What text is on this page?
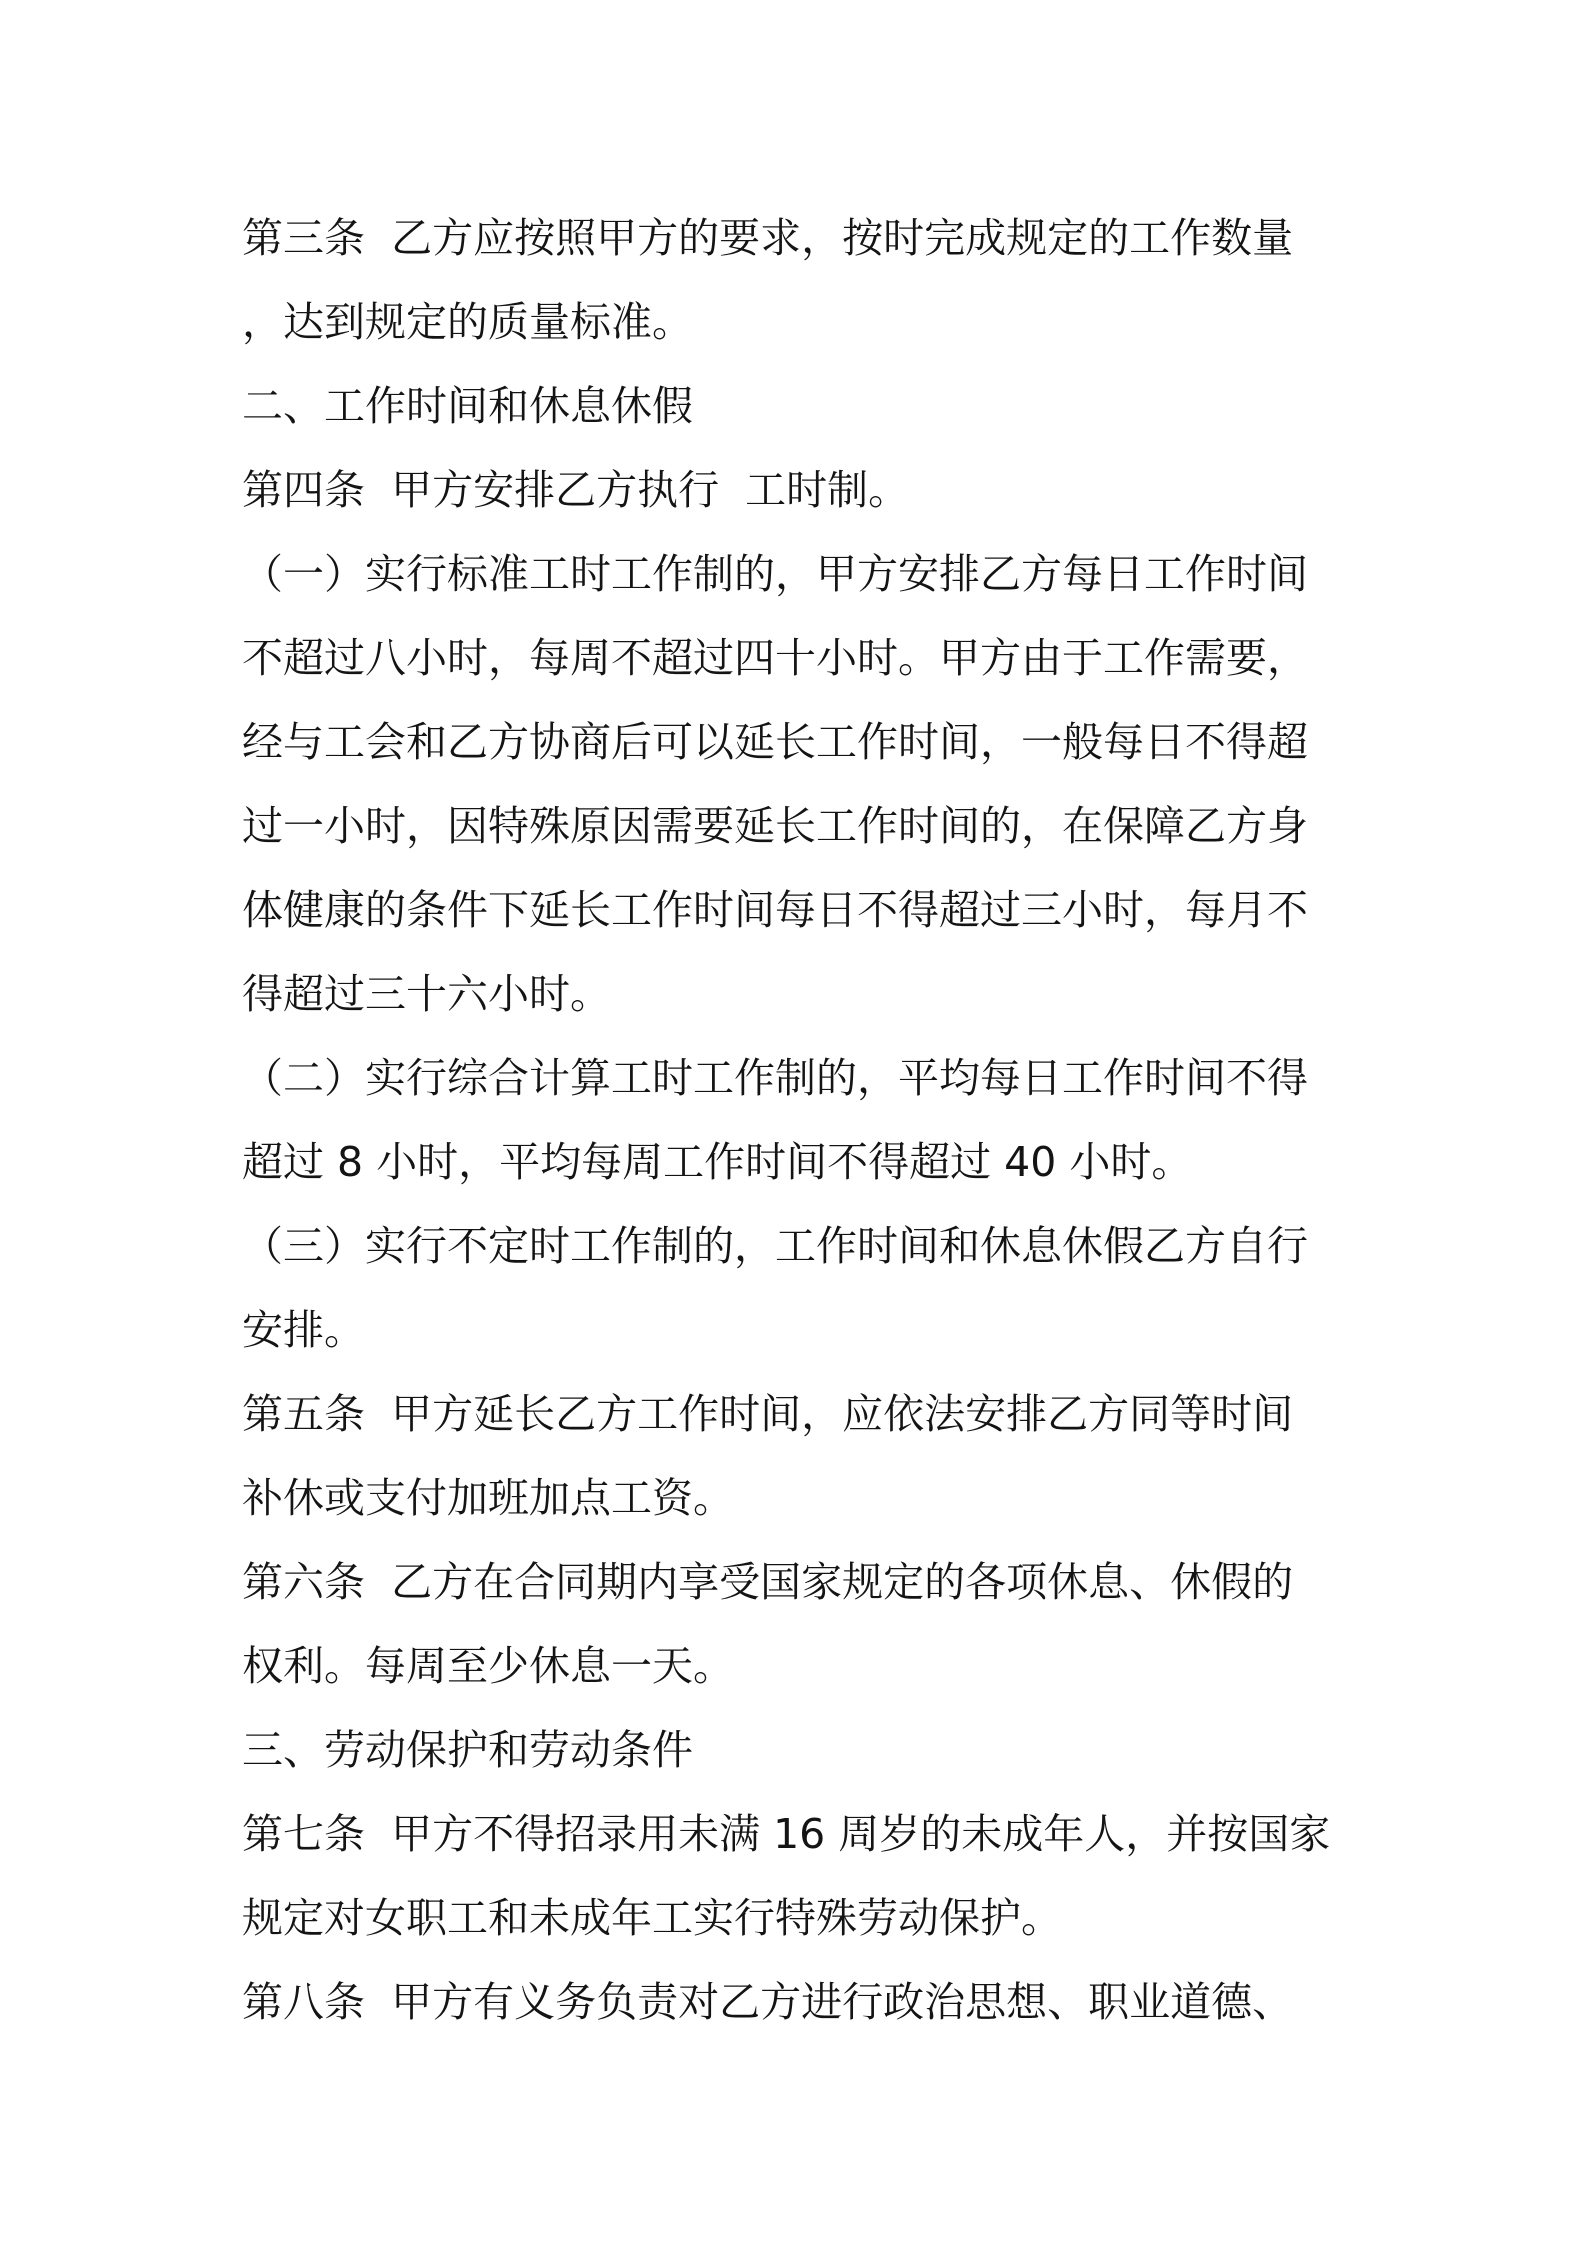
第三条  乙方应按照甲方的要求，按时完成规定的工作数量
，达到规定的质量标准。
二、工作时间和休息休假
第四条  甲方安排乙方执行  工时制。
（一）实行标准工时工作制的，甲方安排乙方每日工作时间
不超过八小时，每周不超过四十小时。甲方由于工作需要，
经与工会和乙方协商后可以延长工作时间，一般每日不得超
过一小时，因特殊原因需要延长工作时间的，在保障乙方身
体健康的条件下延长工作时间每日不得超过三小时，每月不
得超过三十六小时。
（二）实行综合计算工时工作制的，平均每日工作时间不得
超过 8 小时，平均每周工作时间不得超过 40 小时。
（三）实行不定时工作制的，工作时间和休息休假乙方自行
安排。
第五条  甲方延长乙方工作时间，应依法安排乙方同等时间
补休或支付加班加点工资。
第六条  乙方在合同期内享受国家规定的各项休息、休假的
权利。每周至少休息一天。
三、劳动保护和劳动条件
第七条  甲方不得招录用未满 16 周岁的未成年人，并按国家
规定对女职工和未成年工实行特殊劳动保护。
第八条  甲方有义务负责对乙方进行政治思想、职业道德、
